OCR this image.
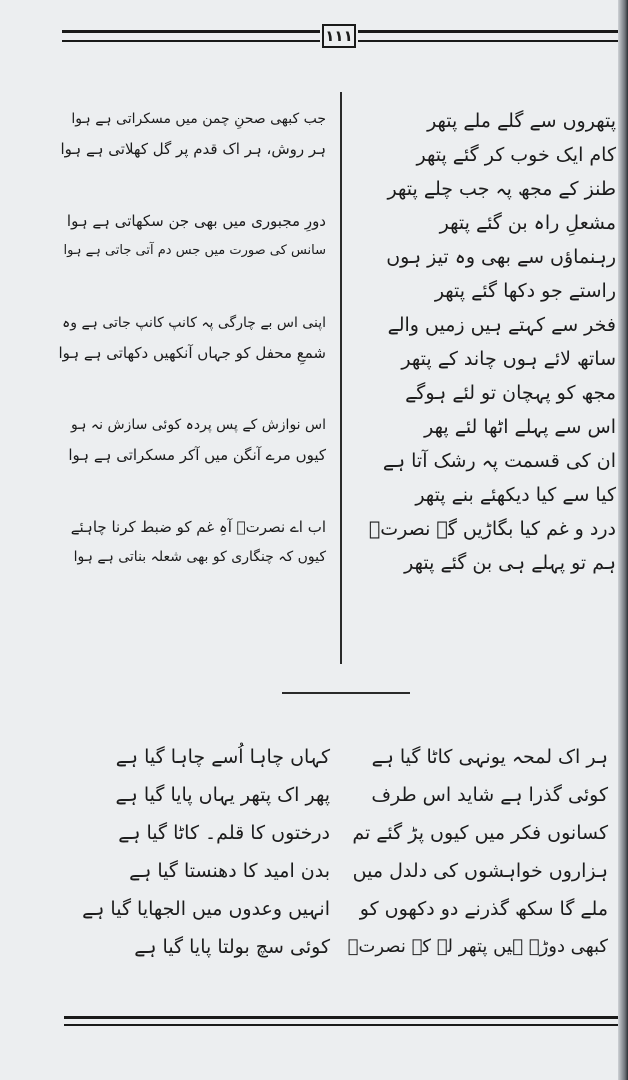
١١١
پتھروں سے گلے ملے پتھر
کام ایک خوب کر گئے پتھر
طنز کے مجھ پہ جب چلے پتھر
مشعلِ راہ بن گئے پتھر
رہنماؤں سے بھی وہ تیز ہوں
راستے جو دکھا گئے پتھر
فخر سے کہتے ہیں زمیں والے
ساتھ لائے ہوں چاند کے پتھر
مجھ کو پہچان تو لئے ہوگے
اس سے پہلے اٹھا لئے پھر
ان کی قسمت پہ رشک آتا ہے
کیا سے کیا دیکھئے بنے پتھر
درد و غم کیا بگاڑیں گے نصرتؔ
ہم تو پہلے ہی بن گئے پتھر
جب کبھی صحنِ چمن میں مسکراتی ہے ہوا
ہر روش، ہر اک قدم پر گل کھلاتی ہے ہوا
دورِ مجبوری میں بھی جن سکھاتی ہے ہوا
سانس کی صورت میں جس دم آتی جاتی ہے ہوا
اپنی اس بے چارگی پہ کانپ کانپ جاتی ہے وہ
شمعِ محفل کو جہاں آنکھیں دکھاتی ہے ہوا
اس نوازش کے پس پردہ کوئی سازش نہ ہو
کیوں مرے آنگن میں آکر مسکراتی ہے ہوا
اب اے نصرتؔ آہِ غم کو ضبط کرنا چاہئے
کیوں کہ چنگاری کو بھی شعلہ بناتی ہے ہوا
ہر اک لمحہ یونہی کاٹا گیا ہے
کوئی گذرا ہے شاید اس طرف
کسانوں فکر میں کیوں پڑ گئے تم
ہزاروں خواہشوں کی دلدل میں
ملے گا سکھ گذرنے دو دکھوں کو
کبھی دوڑے ہیں پتھر لے کے نصرتؔ
کہاں چاہا اُسے چاہا گیا ہے
پھر اک پتھر یہاں پایا گیا ہے
درختوں کا قلم۔ کاٹا گیا ہے
بدن امید کا دھنستا گیا ہے
انہیں وعدوں میں الجھایا گیا ہے
کوئی سچ بولتا پایا گیا ہے
